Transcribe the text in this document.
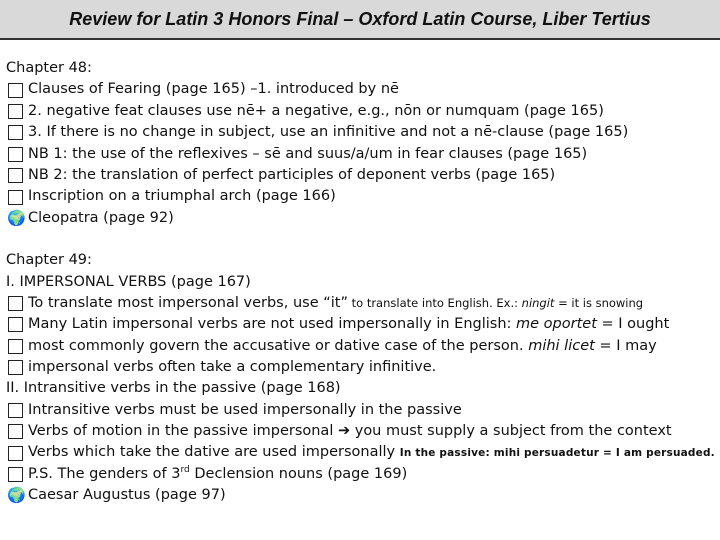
Review for Latin 3 Honors Final – Oxford Latin Course, Liber Tertius
Chapter 48:
Clauses of Fearing (page 165) –1. introduced by nē
2. negative feat clauses use nē+ a negative, e.g., nōn or numquam (page 165)
3. If there is no change in subject, use an infinitive and not a nē-clause (page 165)
NB 1: the use of the reflexives – sē and suus/a/um in fear clauses (page 165)
NB 2: the translation of perfect participles of deponent verbs (page 165)
Inscription on a triumphal arch (page 166)
🌍 Cleopatra (page 92)
Chapter 49:
I. IMPERSONAL VERBS (page 167)
To translate most impersonal verbs, use “it” to translate into English. Ex.: ningit = it is snowing
Many Latin impersonal verbs are not used impersonally in English: me oportet = I ought
most commonly govern the accusative or dative case of the person. mihi licet = I may
impersonal verbs often take a complementary infinitive.
II. Intransitive verbs in the passive (page 168)
Intransitive verbs must be used impersonally in the passive
Verbs of motion in the passive impersonal ➔ you must supply a subject from the context
Verbs which take the dative are used impersonally In the passive: mihi persuadetur = I am persuaded.
P.S. The genders of 3rd Declension nouns (page 169)
🌍 Caesar Augustus (page 97)
